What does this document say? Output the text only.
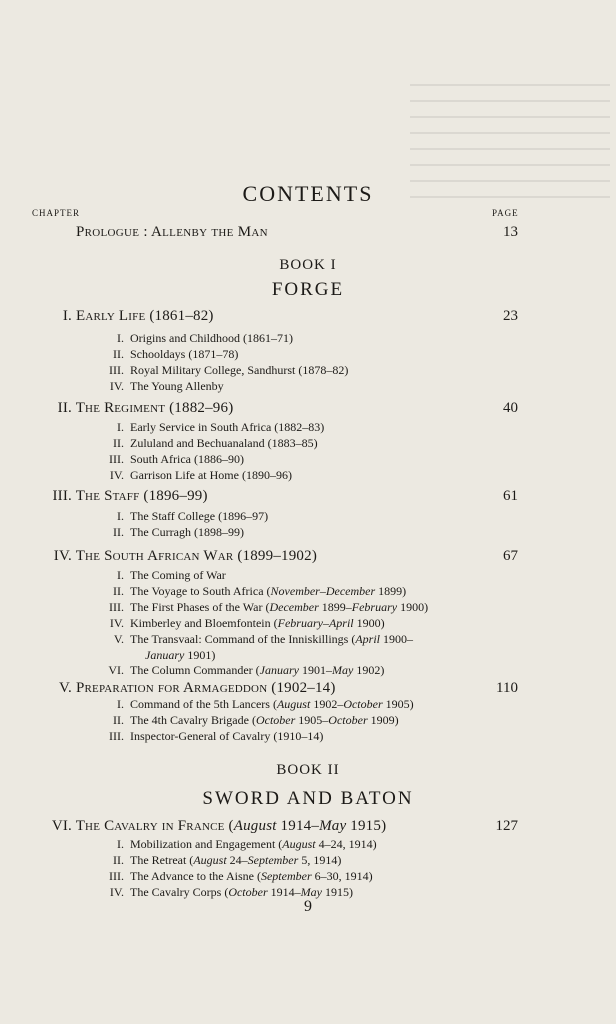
CONTENTS
CHAPTER	PAGE
Prologue : Allenby the Man	13
BOOK I
FORGE
I. Early Life (1861–82)	23
I. Origins and Childhood (1861–71)
II. Schooldays (1871–78)
III. Royal Military College, Sandhurst (1878–82)
IV. The Young Allenby
II. The Regiment (1882–96)	40
I. Early Service in South Africa (1882–83)
II. Zululand and Bechuanaland (1883–85)
III. South Africa (1886–90)
IV. Garrison Life at Home (1890–96)
III. The Staff (1896–99)	61
I. The Staff College (1896–97)
II. The Curragh (1898–99)
IV. The South African War (1899–1902)	67
I. The Coming of War
II. The Voyage to South Africa (November–December 1899)
III. The First Phases of the War (December 1899–February 1900)
IV. Kimberley and Bloemfontein (February–April 1900)
V. The Transvaal: Command of the Inniskillings (April 1900–
January 1901)
VI. The Column Commander (January 1901–May 1902)
V. Preparation for Armageddon (1902–14)	110
I. Command of the 5th Lancers (August 1902–October 1905)
II. The 4th Cavalry Brigade (October 1905–October 1909)
III. Inspector-General of Cavalry (1910–14)
BOOK II
SWORD AND BATON
VI. The Cavalry in France (August 1914–May 1915)	127
I. Mobilization and Engagement (August 4–24, 1914)
II. The Retreat (August 24–September 5, 1914)
III. The Advance to the Aisne (September 6–30, 1914)
IV. The Cavalry Corps (October 1914–May 1915)
9
